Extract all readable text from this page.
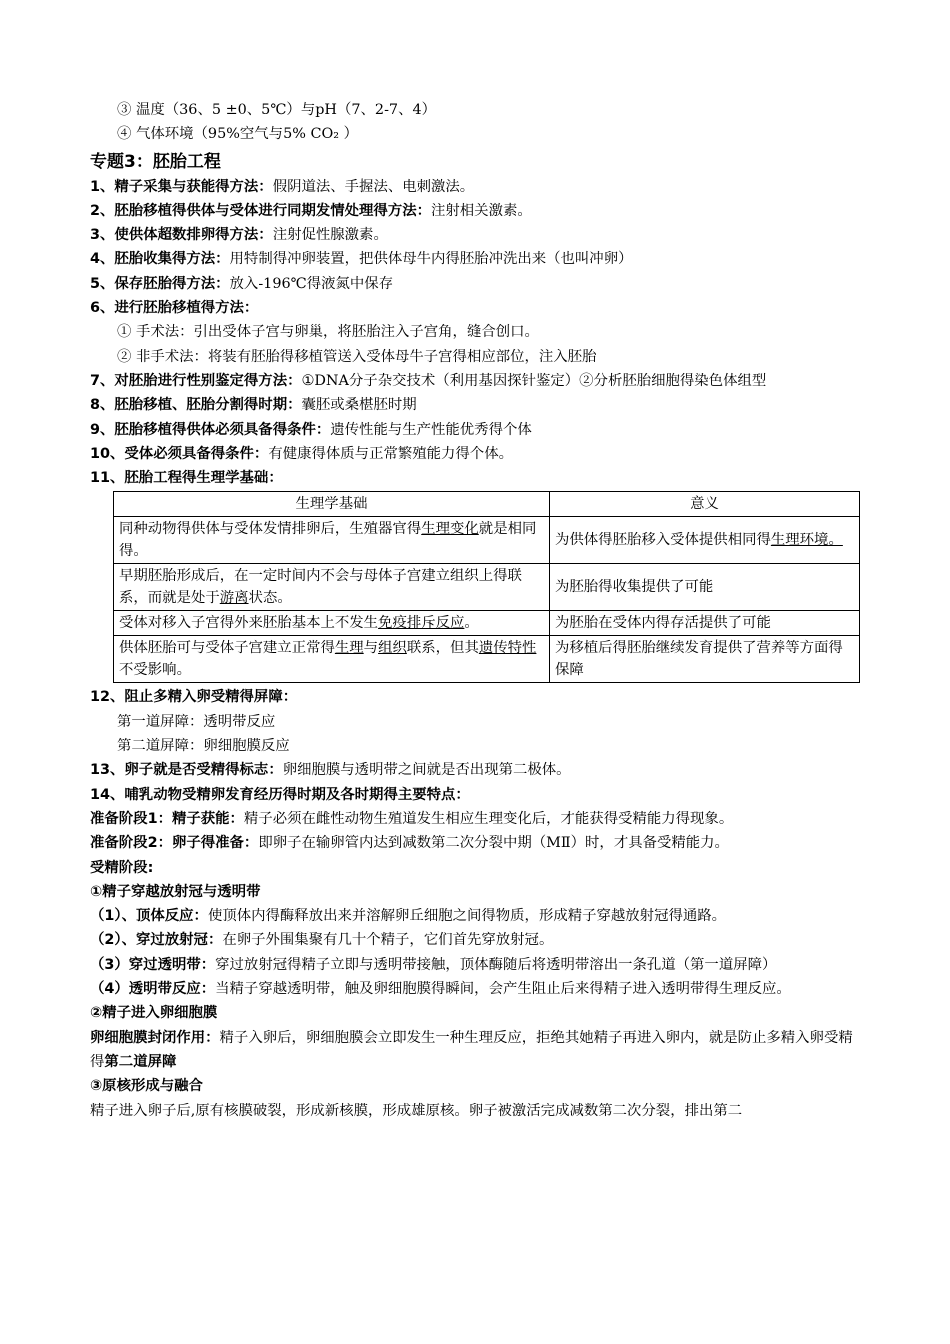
③ 温度（36、5 ±0、5℃）与pH（7、2-7、4）
④ 气体环境（95%空气与5% CO₂ ）
专题3：胚胎工程
1、精子采集与获能得方法：假阴道法、手握法、电刺激法。
2、胚胎移植得供体与受体进行同期发情处理得方法：注射相关激素。
3、使供体超数排卵得方法：注射促性腺激素。
4、胚胎收集得方法：用特制得冲卵装置，把供体母牛内得胚胎冲洗出来（也叫冲卵）
5、保存胚胎得方法：放入-196℃得液氮中保存
6、进行胚胎移植得方法：
① 手术法：引出受体子宫与卵巢，将胚胎注入子宫角，缝合创口。
② 非手术法：将装有胚胎得移植管送入受体母牛子宫得相应部位，注入胚胎
7、对胚胎进行性别鉴定得方法：①DNA分子杂交技术（利用基因探针鉴定）②分析胚胎细胞得染色体组型
8、胚胎移植、胚胎分割得时期：囊胚或桑椹胚时期
9、胚胎移植得供体必须具备得条件：遗传性能与生产性能优秀得个体
10、受体必须具备得条件：有健康得体质与正常繁殖能力得个体。
11、胚胎工程得生理学基础：
生理学基础	意义
同种动物得供体与受体发情排卵后，生殖器官得生理变化就是相同得。	为供体得胚胎移入受体提供相同得生理环境。
早期胚胎形成后，在一定时间内不会与母体子宫建立组织上得联系，而就是处于游离状态。	为胚胎得收集提供了可能
受体对移入子宫得外来胚胎基本上不发生免疫排斥反应。	为胚胎在受体内得存活提供了可能
供体胚胎可与受体子宫建立正常得生理与组织联系，但其遗传特性不受影响。	为移植后得胚胎继续发育提供了营养等方面得保障
12、阻止多精入卵受精得屏障：
第一道屏障：透明带反应
第二道屏障：卵细胞膜反应
13、卵子就是否受精得标志：卵细胞膜与透明带之间就是否出现第二极体。
14、哺乳动物受精卵发育经历得时期及各时期得主要特点：
准备阶段1：精子获能：精子必须在雌性动物生殖道发生相应生理变化后，才能获得受精能力得现象。
准备阶段2：卵子得准备：即卵子在输卵管内达到减数第二次分裂中期（MⅡ）时，才具备受精能力。
受精阶段:
①精子穿越放射冠与透明带
（1）、顶体反应：使顶体内得酶释放出来并溶解卵丘细胞之间得物质，形成精子穿越放射冠得通路。
（2）、穿过放射冠：在卵子外围集聚有几十个精子，它们首先穿放射冠。
（3）穿过透明带：穿过放射冠得精子立即与透明带接触，顶体酶随后将透明带溶出一条孔道（第一道屏障）
（4）透明带反应：当精子穿越透明带，触及卵细胞膜得瞬间，会产生阻止后来得精子进入透明带得生理反应。
②精子进入卵细胞膜
卵细胞膜封闭作用：精子入卵后，卵细胞膜会立即发生一种生理反应，拒绝其她精子再进入卵内，就是防止多精入卵受精得第二道屏障
③原核形成与融合
精子进入卵子后,原有核膜破裂，形成新核膜，形成雄原核。卵子被激活完成减数第二次分裂，排出第二
